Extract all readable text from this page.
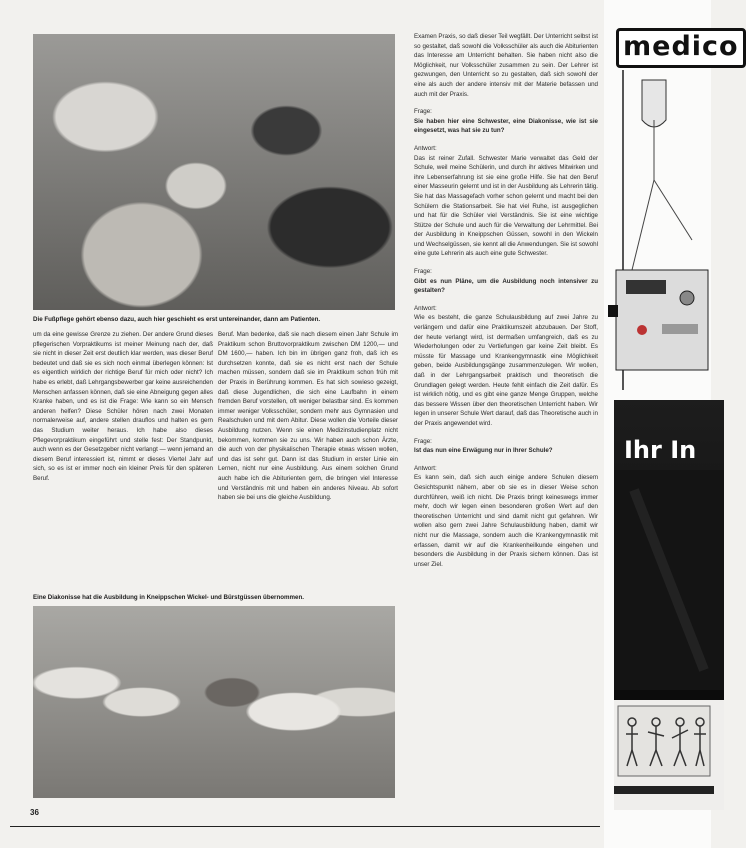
Die Fußpflege gehört ebenso dazu, auch hier geschieht es erst untereinander, dann am Patienten.

um da eine gewisse Grenze zu ziehen. Der andere Grund dieses pflegerischen Vorpraktikums ist meiner Meinung nach der, daß sie nicht in dieser Zeit erst deutlich klar werden, was dieser Beruf bedeutet und daß sie es sich noch einmal überlegen können: Ist es eigentlich wirklich der richtige Beruf für mich oder nicht? Ich habe es erlebt, daß Lehrgangsbewerber gar keine ausreichenden Menschen anfassen können, daß sie eine Abneigung gegen alles Kranke haben, und es ist die Frage: Wie kann so ein Mensch anderen helfen? Diese Schüler hören nach zwei Monaten normalerweise auf, andere stellen drauflos und halten es gern das Studium weiter heraus. Ich habe also dieses Pflegevorpraktikum eingeführt und stelle fest: Der Standpunkt, auch wenn es der Gesetzgeber nicht verlangt — wenn jemand an diesem Beruf interessiert ist, nimmt er dieses Viertel Jahr auf sich, so es ist er immer noch ein kleiner Preis für den späteren Beruf.

Beruf. Man bedenke, daß sie nach diesem einen Jahr Schule im Praktikum schon Bruttovorpraktikum zwischen DM 1200,— und DM 1600,— haben. Ich bin im übrigen ganz froh, daß ich es durchsetzen konnte, daß sie es nicht erst nach der Schule machen müssen, sondern daß sie im Praktikum schon früh mit der Praxis in Berührung kommen. Es hat sich sowieso gezeigt, daß diese Jugendlichen, die sich eine Laufbahn in einem fremden Beruf vorstellen, oft weniger belastbar sind. Es kommen immer weniger Volksschüler, sondern mehr aus Gymnasien und Realschulen und mit dem Abitur. Diese wollen die Vorteile dieser Ausbildung nutzen. Wenn sie einen Medizinstudienplatz nicht bekommen, kommen sie zu uns. Wir haben auch schon Ärzte, die auch von der physikalischen Therapie etwas wissen wollen, und das ist sehr gut. Dann ist das Studium in erster Linie ein Lernen, nicht nur eine Ausbildung. Aus einem solchen Grund auch habe ich die Abiturienten gern, die bringen viel Interesse und Verständnis mit und haben ein anderes Niveau. Ab sofort haben sie bei uns die gleiche Ausbildung.

Eine Diakonisse hat die Ausbildung in Kneippschen Wickel- und Bürstgüssen übernommen.

Examen Praxis, so daß dieser Teil wegfällt. Der Unterricht selbst ist so gestaltet, daß sowohl die Volksschüler als auch die Abiturienten das Interesse am Unterricht behalten. Sie haben nicht also die Möglichkeit, nur Volksschüler zusammen zu sein. Der Lehrer ist gezwungen, den Unterricht so zu gestalten, daß sich sowohl der eine als auch der andere intensiv mit der Materie befassen und auch mit der Praxis.

Frage:

Sie haben hier eine Schwester, eine Diakonisse, wie ist sie eingesetzt, was hat sie zu tun?

Antwort:

Das ist reiner Zufall. Schwester Marie verwaltet das Geld der Schule, weil meine Schülerin, und durch ihr aktives Mitwirken und ihre Lebenserfahrung ist sie eine große Hilfe. Sie hat den Beruf einer Masseurin gelernt und ist in der Ausbildung als Lehrerin tätig. Sie hat das Massagefach vorher schon gelernt und macht bei den Schülern die Stationsarbeit. Sie hat viel Ruhe, ist ausgeglichen und hat für die Schüler viel Verständnis. Sie ist eine wichtige Stütze der Schule und auch für die Verwaltung der Lehrmittel. Bei der Ausbildung in Kneippschen Güssen, sowohl in den Wickeln und Wechselgüssen, sie kennt all die Anwendungen. Sie ist sowohl eine gute Lehrerin als auch eine gute Schwester.

Frage:

Gibt es nun Pläne, um die Ausbildung noch intensiver zu gestalten?

Antwort:

Wie es besteht, die ganze Schulausbildung auf zwei Jahre zu verlängern und dafür eine Praktikumszeit abzubauen. Der Stoff, der heute verlangt wird, ist dermaßen umfangreich, daß es zu Wiederholungen oder zu Vertiefungen gar keine Zeit bleibt. Es müsste für Massage und Krankengymnastik eine Möglichkeit geben, beide Ausbildungsgänge zusammenzulegen. Wir wollen, daß in der Lehrgangsarbeit praktisch und theoretisch die Grundlagen gelegt werden. Heute fehlt einfach die Zeit dafür. Es ist wirklich nötig, und es gibt eine ganze Menge Gruppen, welche das bessere Wissen über den theoretischen Unterricht haben. Wir legen in unserer Schule Wert darauf, daß das Theoretische auch in der Praxis angewendet wird.

Frage:

Ist das nun eine Erwägung nur in Ihrer Schule?

Antwort:

Es kann sein, daß sich auch einige andere Schulen diesem Gesichtspunkt nähern, aber ob sie es in dieser Weise schon durchführen, weiß ich nicht. Die Praxis bringt keineswegs immer mehr, doch wir legen einen besonderen großen Wert auf den theoretischen Unterricht und sind damit nicht gut gefahren. Wir wollen also gern zwei Jahre Schulausbildung haben, damit wir nicht nur die Massage, sondern auch die Krankengymnastik mit erfassen, damit wir auf die Krankenheilkunde eingehen und besonders die Ausbildung in der Praxis sichern können. Das ist unser Ziel.

36
medico
Ihr In
